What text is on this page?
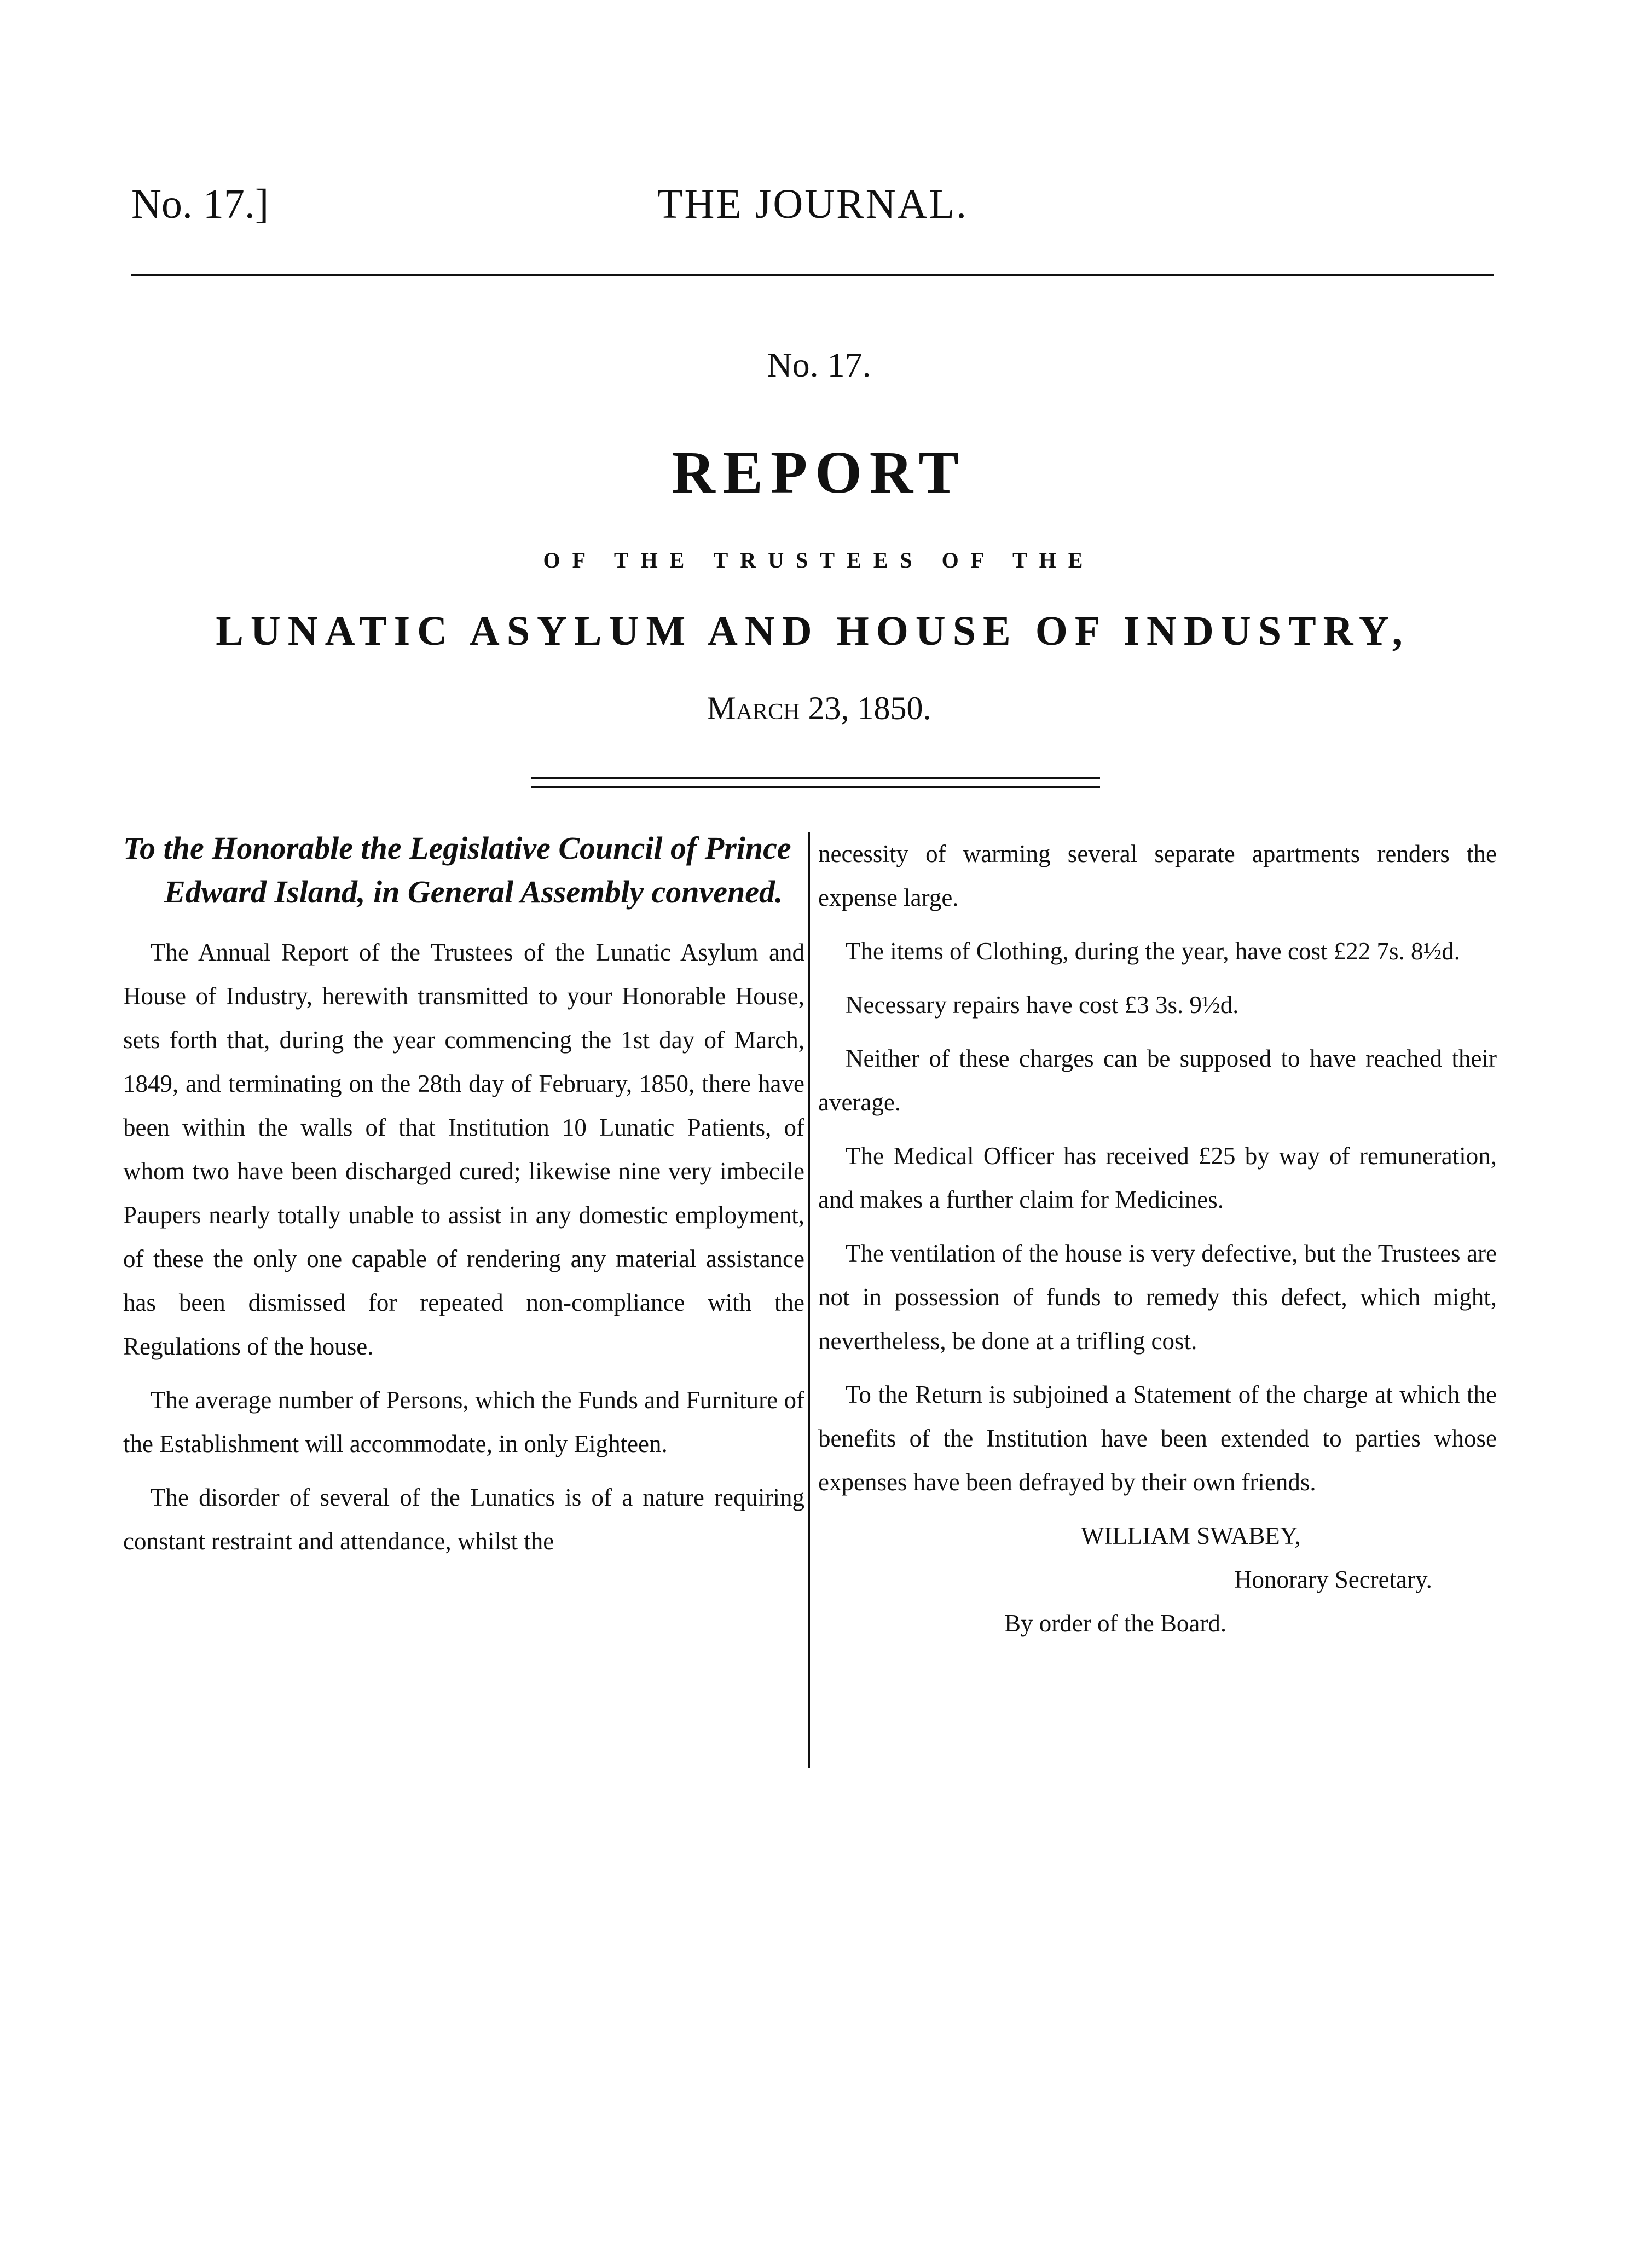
No. 17.]	THE JOURNAL.
No. 17.
REPORT
OF THE TRUSTEES OF THE
LUNATIC ASYLUM AND HOUSE OF INDUSTRY,
March 23, 1850.

To the Honorable the Legislative Council of Prince Edward Island, in General Assembly convened.

The Annual Report of the Trustees of the Lunatic Asylum and House of Industry, herewith transmitted to your Honorable House, sets forth that, during the year commencing the 1st day of March, 1849, and terminating on the 28th day of February, 1850, there have been within the walls of that Institution 10 Lunatic Patients, of whom two have been discharged cured; likewise nine very imbecile Paupers nearly totally unable to assist in any domestic employment, of these the only one capable of rendering any material assistance has been dismissed for repeated non-compliance with the Regulations of the house.

The average number of Persons, which the Funds and Furniture of the Establishment will accommodate, in only Eighteen.

The disorder of several of the Lunatics is of a nature requiring constant restraint and attendance, whilst the

necessity of warming several separate apartments renders the expense large.

The items of Clothing, during the year, have cost £22 7s. 8½d.

Necessary repairs have cost £3 3s. 9½d.

Neither of these charges can be supposed to have reached their average.

The Medical Officer has received £25 by way of remuneration, and makes a further claim for Medicines.

The ventilation of the house is very defective, but the Trustees are not in possession of funds to remedy this defect, which might, nevertheless, be done at a trifling cost.

To the Return is subjoined a Statement of the charge at which the benefits of the Institution have been extended to parties whose expenses have been defrayed by their own friends.

WILLIAM SWABEY,
Honorary Secretary.
By order of the Board.
